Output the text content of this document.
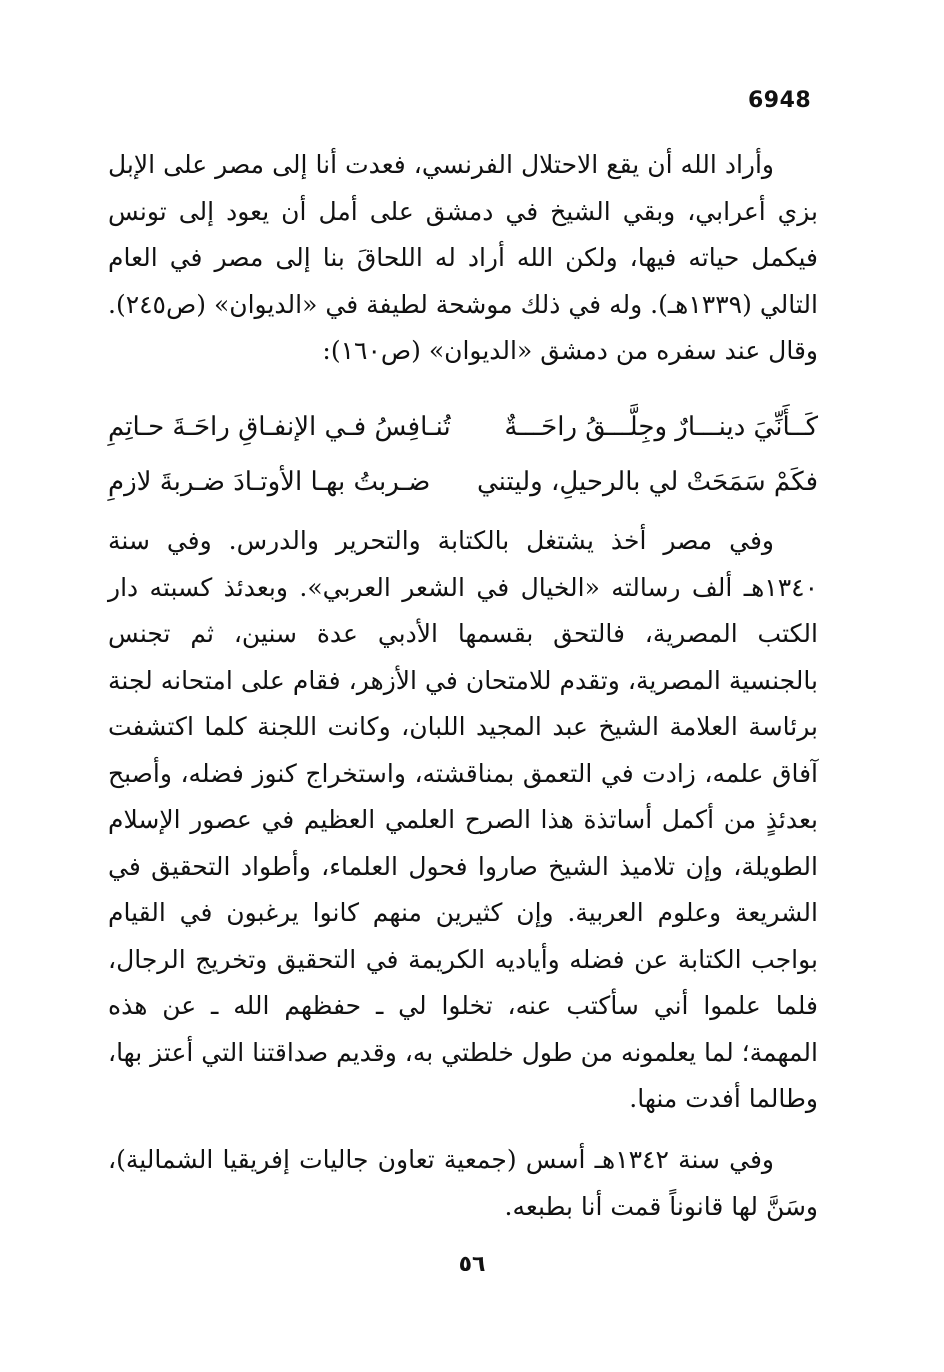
6948

وأراد الله أن يقع الاحتلال الفرنسي، فعدت أنا إلى مصر على الإبل بزي أعرابي، وبقي الشيخ في دمشق على أمل أن يعود إلى تونس فيكمل حياته فيها، ولكن الله أراد له اللحاقَ بنا إلى مصر في العام التالي (١٣٣٩هـ). وله في ذلك موشحة لطيفة في «الديوان» (ص٢٤٥). وقال عند سفره من دمشق «الديوان» (ص١٦٠):

كَــأَنِّيَ دينـــارٌ وجِلَّـــقُ راحَـــةٌ
تُنـافِسُ فـي الإنفـاقِ راحَـةَ حـاتِمِ
فكَمْ سَمَحَتْ لي بالرحيلِ، وليتني
ضـربتُ بهـا الأوتـادَ ضـربةَ لازمِ

وفي مصر أخذ يشتغل بالكتابة والتحرير والدرس. وفي سنة ١٣٤٠هـ ألف رسالته «الخيال في الشعر العربي». وبعدئذ كسبته دار الكتب المصرية، فالتحق بقسمها الأدبي عدة سنين، ثم تجنس بالجنسية المصرية، وتقدم للامتحان في الأزهر، فقام على امتحانه لجنة برئاسة العلامة الشيخ عبد المجيد اللبان، وكانت اللجنة كلما اكتشفت آفاق علمه، زادت في التعمق بمناقشته، واستخراج كنوز فضله، وأصبح بعدئذٍ من أكمل أساتذة هذا الصرح العلمي العظيم في عصور الإسلام الطويلة، وإن تلاميذ الشيخ صاروا فحول العلماء، وأطواد التحقيق في الشريعة وعلوم العربية. وإن كثيرين منهم كانوا يرغبون في القيام بواجب الكتابة عن فضله وأياديه الكريمة في التحقيق وتخريج الرجال، فلما علموا أني سأكتب عنه، تخلوا لي ـ حفظهم الله ـ عن هذه المهمة؛ لما يعلمونه من طول خلطتي به، وقديم صداقتنا التي أعتز بها، وطالما أفدت منها.

وفي سنة ١٣٤٢هـ أسس (جمعية تعاون جاليات إفريقيا الشمالية)، وسَنَّ لها قانوناً قمت أنا بطبعه.

٥٦
